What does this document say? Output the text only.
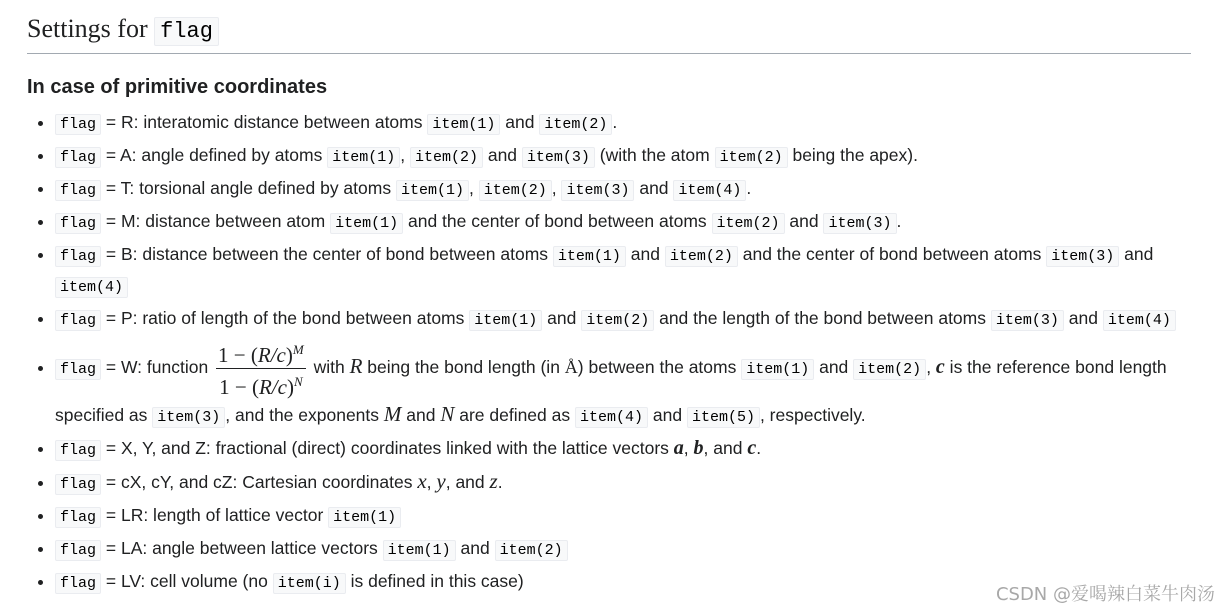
Settings for flag
In case of primitive coordinates
• flag = R: interatomic distance between atoms item(1) and item(2) .
• flag = A: angle defined by atoms item(1) , item(2) and item(3) (with the atom item(2) being the apex).
• flag = T: torsional angle defined by atoms item(1) , item(2) , item(3) and item(4) .
• flag = M: distance between atom item(1) and the center of bond between atoms item(2) and item(3) .
• flag = B: distance between the center of bond between atoms item(1) and item(2) and the center of bond between atoms item(3) and item(4)
• flag = P: ratio of length of the bond between atoms item(1) and item(2) and the length of the bond between atoms item(3) and item(4)
• flag = W: function $\frac{1 - (R/c)^M}{1 - (R/c)^N}$ with R being the bond length (in Å) between the atoms item(1) and item(2) , c is the reference bond length specified as item(3) , and the exponents M and N are defined as item(4) and item(5) , respectively.
• flag = X, Y, and Z: fractional (direct) coordinates linked with the lattice vectors a, b, and c.
• flag = cX, cY, and cZ: Cartesian coordinates x, y, and z.
• flag = LR: length of lattice vector item(1)
• flag = LA: angle between lattice vectors item(1) and item(2)
• flag = LV: cell volume (no item(i) is defined in this case)
CSDN @爱喝辣白菜牛肉汤
